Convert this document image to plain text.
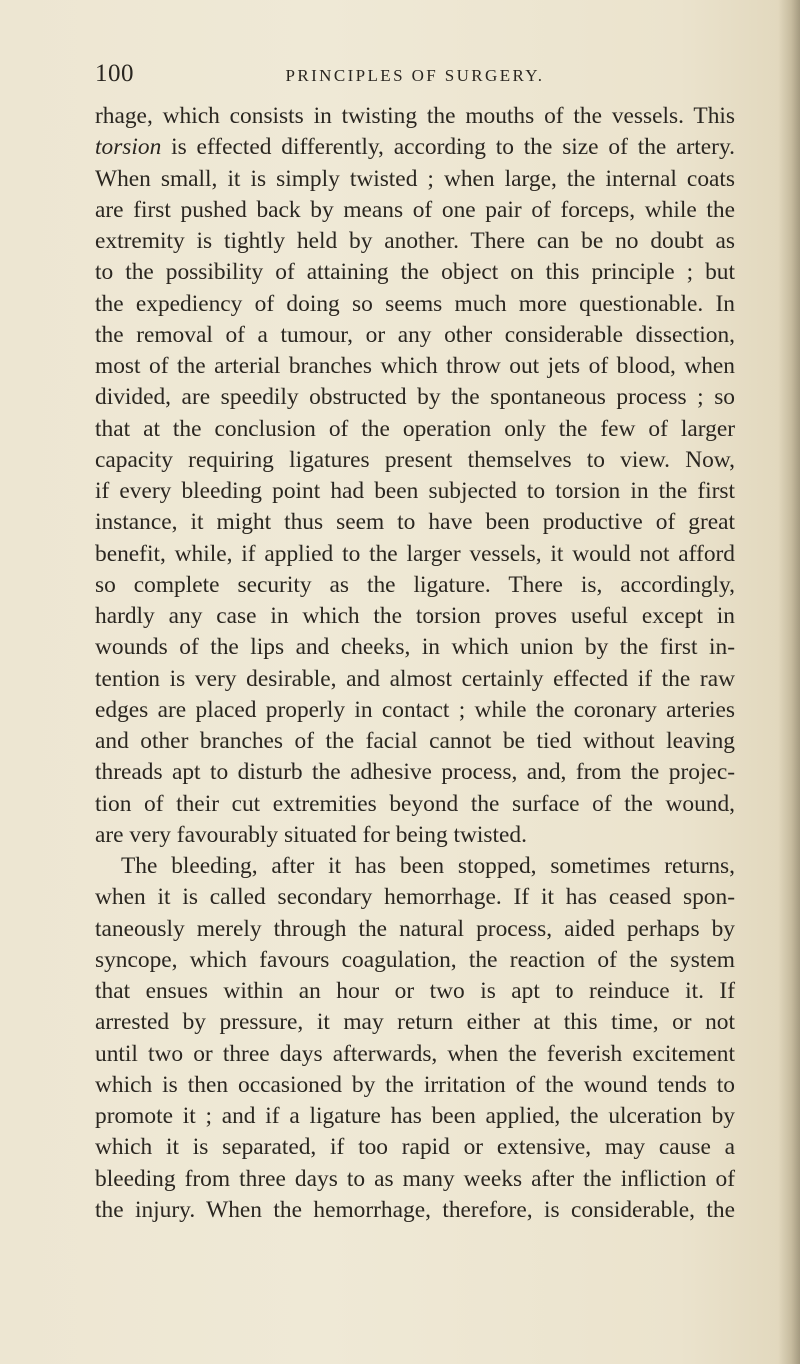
100	PRINCIPLES OF SURGERY.
rhage, which consists in twisting the mouths of the vessels. This
torsion is effected differently, according to the size of the artery.
When small, it is simply twisted ; when large, the internal coats
are first pushed back by means of one pair of forceps, while the
extremity is tightly held by another. There can be no doubt as
to the possibility of attaining the object on this principle ; but
the expediency of doing so seems much more questionable. In
the removal of a tumour, or any other considerable dissection,
most of the arterial branches which throw out jets of blood, when
divided, are speedily obstructed by the spontaneous process ; so
that at the conclusion of the operation only the few of larger
capacity requiring ligatures present themselves to view. Now,
if every bleeding point had been subjected to torsion in the first
instance, it might thus seem to have been productive of great
benefit, while, if applied to the larger vessels, it would not afford
so complete security as the ligature. There is, accordingly,
hardly any case in which the torsion proves useful except in
wounds of the lips and cheeks, in which union by the first in-
tention is very desirable, and almost certainly effected if the raw
edges are placed properly in contact ; while the coronary arteries
and other branches of the facial cannot be tied without leaving
threads apt to disturb the adhesive process, and, from the projec-
tion of their cut extremities beyond the surface of the wound,
are very favourably situated for being twisted.
The bleeding, after it has been stopped, sometimes returns,
when it is called secondary hemorrhage. If it has ceased spon-
taneously merely through the natural process, aided perhaps by
syncope, which favours coagulation, the reaction of the system
that ensues within an hour or two is apt to reinduce it. If
arrested by pressure, it may return either at this time, or not
until two or three days afterwards, when the feverish excitement
which is then occasioned by the irritation of the wound tends to
promote it ; and if a ligature has been applied, the ulceration by
which it is separated, if too rapid or extensive, may cause a
bleeding from three days to as many weeks after the infliction of
the injury. When the hemorrhage, therefore, is considerable, the
